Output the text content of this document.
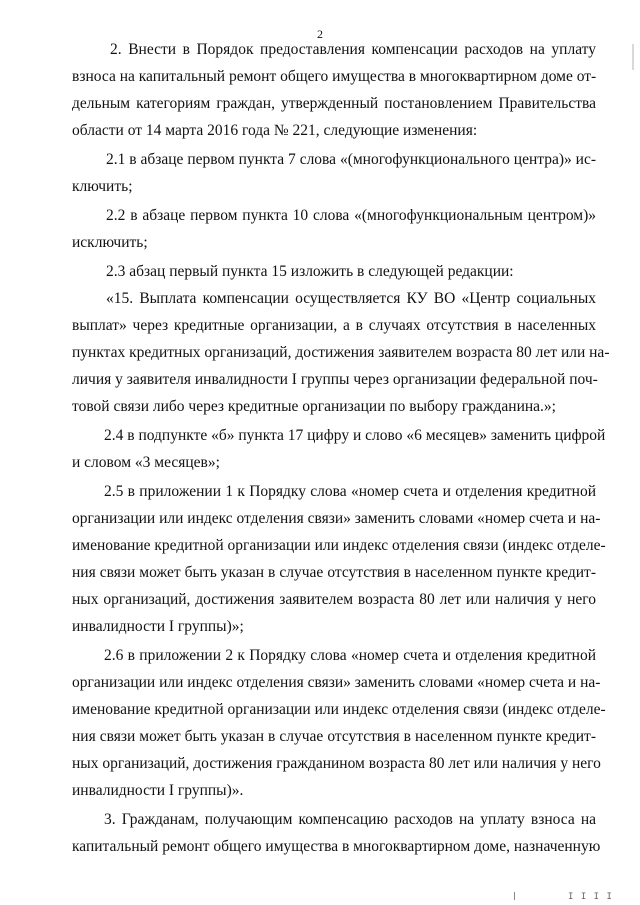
2
2. Внести в Порядок предоставления компенсации расходов на уплату
взноса на капитальный ремонт общего имущества в многоквартирном доме от-
дельным категориям граждан, утвержденный постановлением Правительства
области от 14 марта 2016 года № 221, следующие изменения:
2.1 в абзаце первом пункта 7 слова «(многофункционального центра)» ис-
ключить;
2.2 в абзаце первом пункта 10 слова «(многофункциональным центром)»
исключить;
2.3 абзац первый пункта 15 изложить в следующей редакции:
«15. Выплата компенсации осуществляется КУ ВО «Центр социальных
выплат» через кредитные организации, а в случаях отсутствия в населенных
пунктах кредитных организаций, достижения заявителем возраста 80 лет или на-
личия у заявителя инвалидности I группы через организации федеральной поч-
товой связи либо через кредитные организации по выбору гражданина.»;
2.4 в подпункте «б» пункта 17 цифру и слово «6 месяцев» заменить цифрой
и словом «3 месяцев»;
2.5 в приложении 1 к Порядку слова «номер счета и отделения кредитной
организации или индекс отделения связи» заменить словами «номер счета и на-
именование кредитной организации или индекс отделения связи (индекс отделе-
ния связи может быть указан в случае отсутствия в населенном пункте кредит-
ных организаций, достижения заявителем возраста 80 лет или наличия у него
инвалидности I группы)»;
2.6 в приложении 2 к Порядку слова «номер счета и отделения кредитной
организации или индекс отделения связи» заменить словами «номер счета и на-
именование кредитной организации или индекс отделения связи (индекс отделе-
ния связи может быть указан в случае отсутствия в населенном пункте кредит-
ных организаций, достижения гражданином возраста 80 лет или наличия у него
инвалидности I группы)».
3. Гражданам, получающим компенсацию расходов на уплату взноса на
капитальный ремонт общего имущества в многоквартирном доме, назначенную
I I I I
